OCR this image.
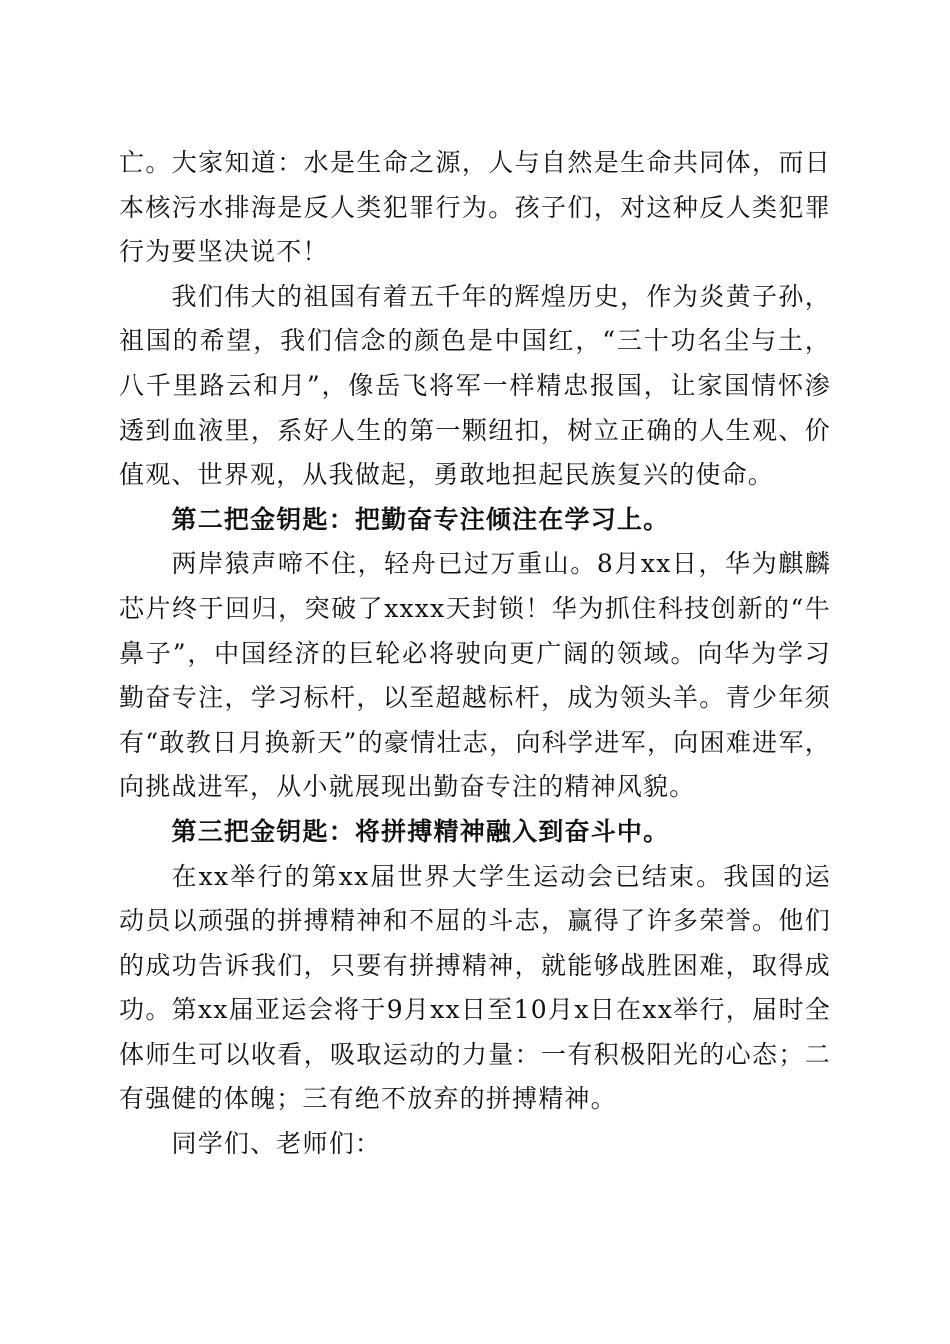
亡。大家知道：水是生命之源，人与自然是生命共同体，而日本核污水排海是反人类犯罪行为。孩子们，对这种反人类犯罪行为要坚决说不！

我们伟大的祖国有着五千年的辉煌历史，作为炎黄子孙，祖国的希望，我们信念的颜色是中国红，“三十功名尘与土，八千里路云和月”，像岳飞将军一样精忠报国，让家国情怀渗透到血液里，系好人生的第一颗纽扣，树立正确的人生观、价值观、世界观，从我做起，勇敢地担起民族复兴的使命。

第二把金钥匙：把勤奋专注倾注在学习上。

两岸猿声啼不住，轻舟已过万重山。8月xx日，华为麒麟芯片终于回归，突破了xxxx天封锁！华为抓住科技创新的“牛鼻子”，中国经济的巨轮必将驶向更广阔的领域。向华为学习勤奋专注，学习标杆，以至超越标杆，成为领头羊。青少年须有“敢教日月换新天”的豪情壮志，向科学进军，向困难进军，向挑战进军，从小就展现出勤奋专注的精神风貌。

第三把金钥匙：将拼搏精神融入到奋斗中。

在xx举行的第xx届世界大学生运动会已结束。我国的运动员以顽强的拼搏精神和不屈的斗志，赢得了许多荣誉。他们的成功告诉我们，只要有拼搏精神，就能够战胜困难，取得成功。第xx届亚运会将于9月xx日至10月x日在xx举行，届时全体师生可以收看，吸取运动的力量：一有积极阳光的心态；二有强健的体魄；三有绝不放弃的拼搏精神。

同学们、老师们：
